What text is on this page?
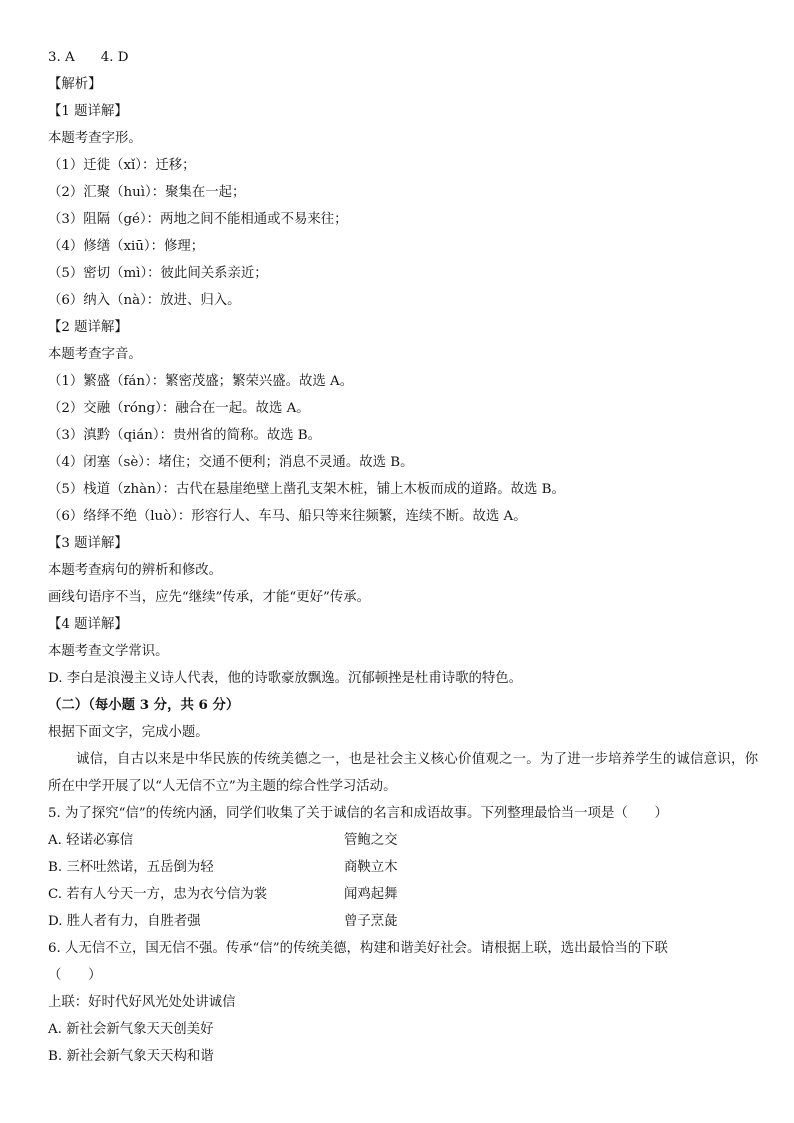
3. A 4. D
【解析】
【1 题详解】
本题考查字形。
（1）迁徙（xǐ）：迁移；
（2）汇聚（huì）：聚集在一起；
（3）阻隔（gé）：两地之间不能相通或不易来往；
（4）修缮（xiū）：修理；
（5）密切（mì）：彼此间关系亲近；
（6）纳入（nà）：放进、归入。
【2 题详解】
本题考查字音。
（1）繁盛（fán）：繁密茂盛；繁荣兴盛。故选 A。
（2）交融（róng）：融合在一起。故选 A。
（3）滇黔（qián）：贵州省的简称。故选 B。
（4）闭塞（sè）：堵住；交通不便利；消息不灵通。故选 B。
（5）栈道（zhàn）：古代在悬崖绝壁上凿孔支架木桩，铺上木板而成的道路。故选 B。
（6）络绎不绝（luò）：形容行人、车马、船只等来往频繁，连续不断。故选 A。
【3 题详解】
本题考查病句的辨析和修改。
画线句语序不当，应先“继续”传承，才能“更好”传承。
【4 题详解】
本题考查文学常识。
D. 李白是浪漫主义诗人代表，他的诗歌豪放飘逸。沉郁顿挫是杜甫诗歌的特色。
（二）（每小题 3 分，共 6 分）
根据下面文字，完成小题。
诚信，自古以来是中华民族的传统美德之一，也是社会主义核心价值观之一。为了进一步培养学生的诚信意识，你所在中学开展了以“人无信不立”为主题的综合性学习活动。
5. 为了探究“信”的传统内涵，同学们收集了关于诚信的名言和成语故事。下列整理最恰当一项是（　　）
A. 轻诺必寡信	管鲍之交
B. 三杯吐然诺，五岳倒为轻	商鞅立木
C. 若有人兮天一方，忠为衣兮信为裳	闻鸡起舞
D. 胜人者有力，自胜者强	曾子烹彘
6. 人无信不立，国无信不强。传承“信”的传统美德，构建和谐美好社会。请根据上联，选出最恰当的下联
（　　）
上联：好时代好风光处处讲诚信
A. 新社会新气象天天创美好
B. 新社会新气象天天构和谐
